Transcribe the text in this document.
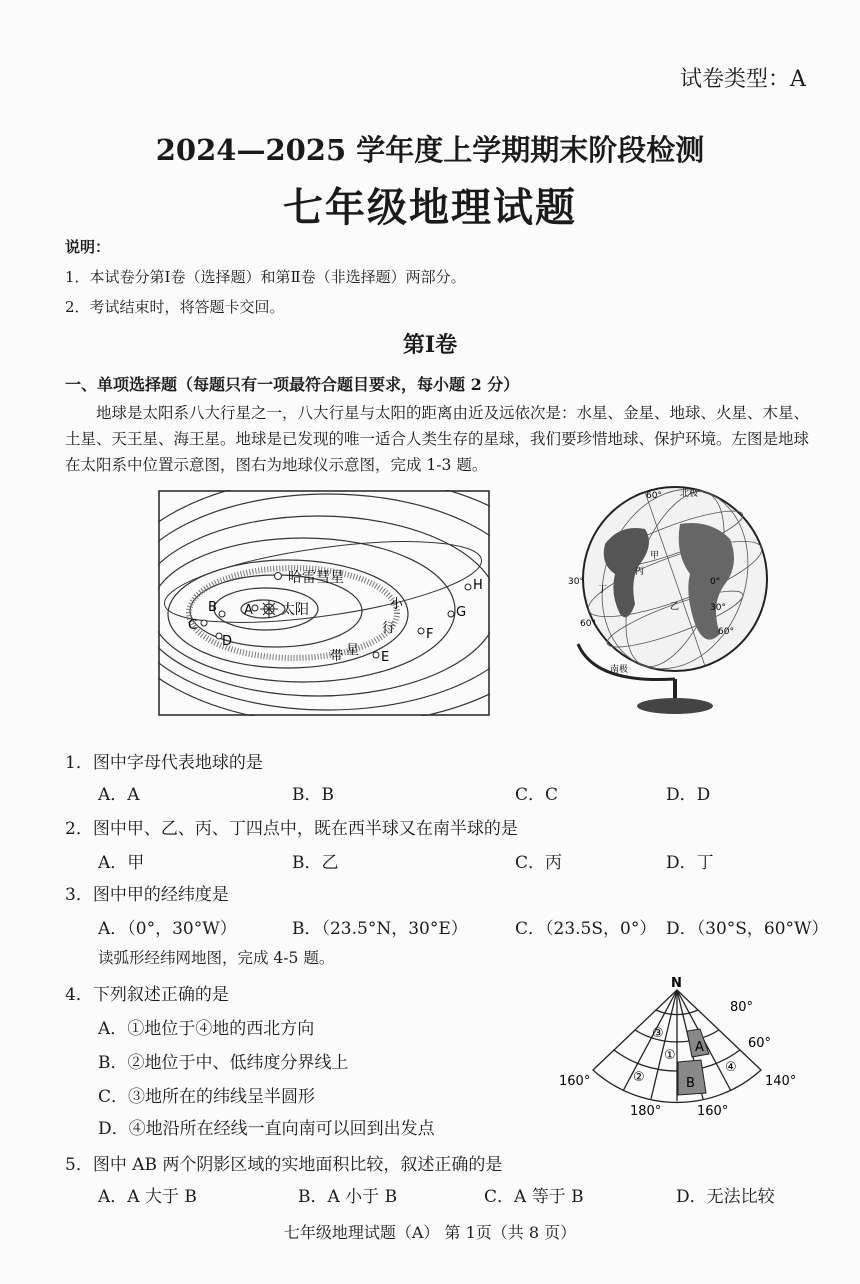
试卷类型：A
2024—2025 学年度上学期期末阶段检测
七年级地理试题
说明：
1．本试卷分第Ⅰ卷（选择题）和第Ⅱ卷（非选择题）两部分。
2．考试结束时，将答题卡交回。
第Ⅰ卷
一、单项选择题（每题只有一项最符合题目要求，每小题 2 分）
地球是太阳系八大行星之一，八大行星与太阳的距离由近及远依次是：水星、金星、地球、火星、木星、土星、天王星、海王星。地球是已发现的唯一适合人类生存的星球，我们要珍惜地球、保护环境。左图是地球在太阳系中位置示意图，图右为地球仪示意图，完成 1-3 题。
太阳
哈雷彗星
小
行
带 星
A
B
C
D
E
F
G
H
北极
南极
60°
30°	0°
30°
60°
60°
甲
乙
丙
丁
1．图中字母代表地球的是
A．A	B．B	C．C	D．D
2．图中甲、乙、丙、丁四点中，既在西半球又在南半球的是
A．甲	B．乙	C．丙	D．丁
3．图中甲的经纬度是
A．（0°，30°W）	B．（23.5°N，30°E）	C．（23.5S，0°） D．（30°S，60°W）
读弧形经纬网地图，完成 4-5 题。
4．下列叙述正确的是
A．①地位于④地的西北方向
B．②地位于中、低纬度分界线上
C．③地所在的纬线呈半圆形
D．④地沿所在经线一直向南可以回到出发点
N
80°
60°
160°	140°
180°	160°
①
②
③
④
A
B
5．图中 AB 两个阴影区域的实地面积比较，叙述正确的是
A．A 大于 B	B．A 小于 B	C．A 等于 B	D．无法比较
七年级地理试题（A） 第 1页（共 8 页）
